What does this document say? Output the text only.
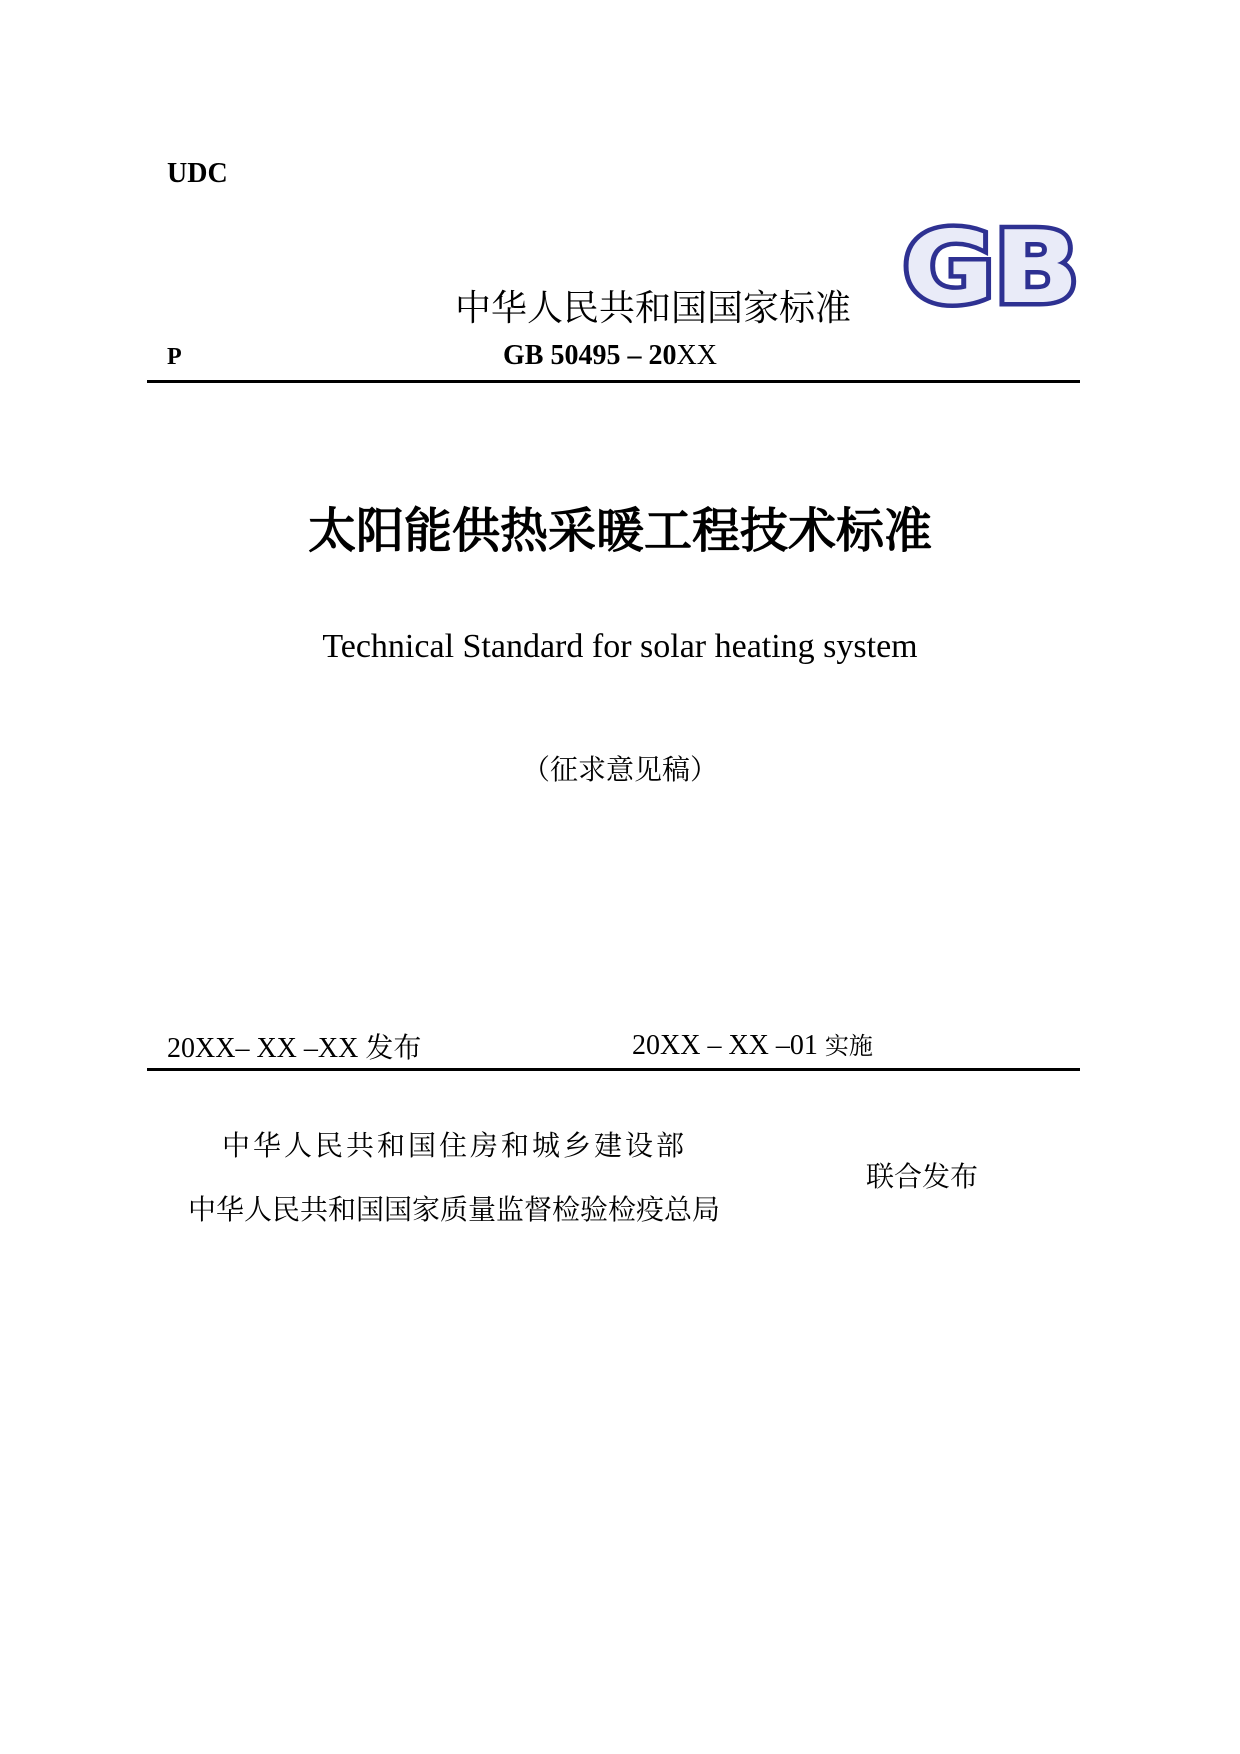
UDC
中华人民共和国国家标准 GB
P	GB 50495 – 20XX
太阳能供热采暖工程技术标准
Technical Standard for solar heating system
（征求意见稿）
20XX– XX –XX 发布	20XX – XX –01 实施
中华人民共和国住房和城乡建设部
中华人民共和国国家质量监督检验检疫总局
联合发布
